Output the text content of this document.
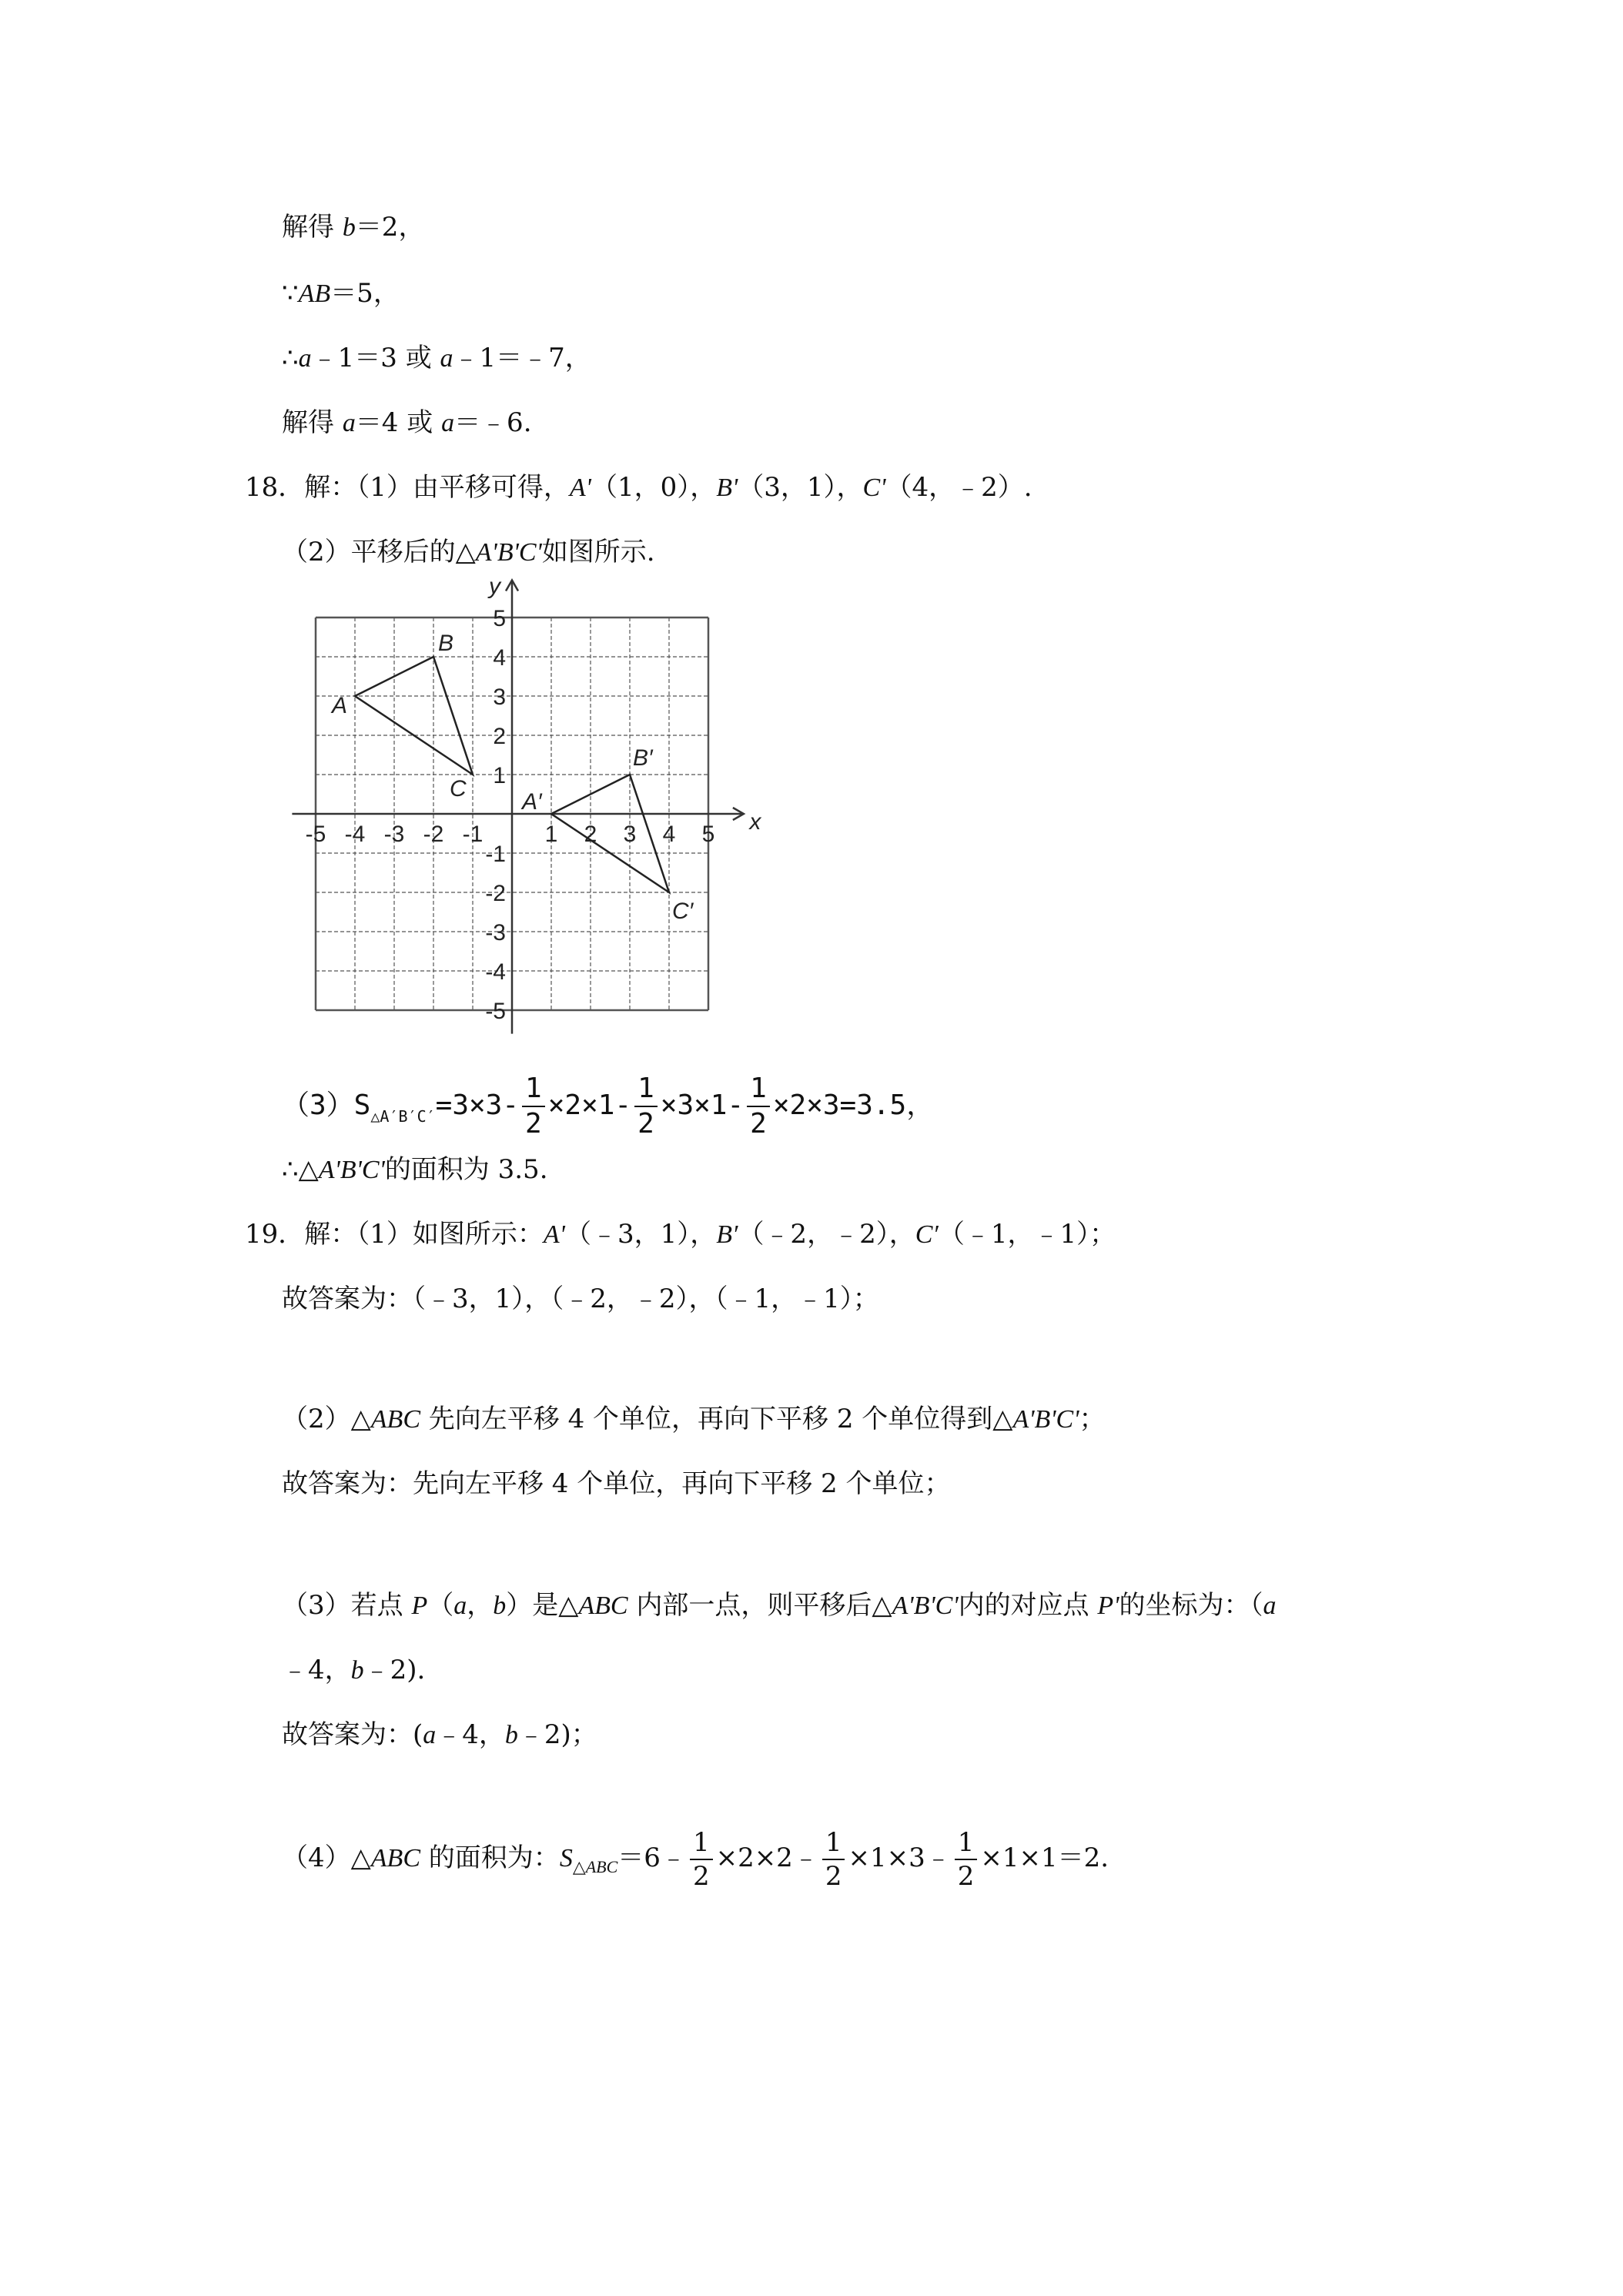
解得 b＝2，
∵AB＝5，
∴a﹣1＝3 或 a﹣1＝﹣7，
解得 a＝4 或 a＝﹣6.
18．解：（1）由平移可得，A'（1，0），B'（3，1），C'（4，﹣2）.
（2）平移后的△A'B'C'如图所示.
x
y
-5 -4 -3 -2 -1	1 2 3 4 5
5
4
3
2
1
-1
-2
-3
-4
-5
A
B
C
A′
B′
C′
$(3)S_{\triangle A'B'C'}=3\times 3- \frac{1}{2} \times 2\times 1- \frac{1}{2} \times 3\times 1- \frac{1}{2} \times 2\times 3=3.5$，
∴△A'B'C'的面积为 3.5.
19．解：（1）如图所示：A'（﹣3，1），B′（﹣2，﹣2），C′（﹣1，﹣1）；
故答案为：（﹣3，1），（﹣2，﹣2），（﹣1，﹣1）；
（2）△ABC 先向左平移 4 个单位，再向下平移 2 个单位得到△A'B'C'；
故答案为：先向左平移 4 个单位，再向下平移 2 个单位；
（3）若点 P（a，b）是△ABC 内部一点，则平移后△A'B'C'内的对应点 P'的坐标为：（a
﹣4，b﹣2).
故答案为：(a﹣4，b﹣2)；
（4）△ABC 的面积为：$S_{\triangle ABC}=6﹣ \frac{1}{2}$ ×2×2﹣ $\frac{1}{2}$ ×1×3﹣ $\frac{1}{2} \times 1\times 1=2$.
